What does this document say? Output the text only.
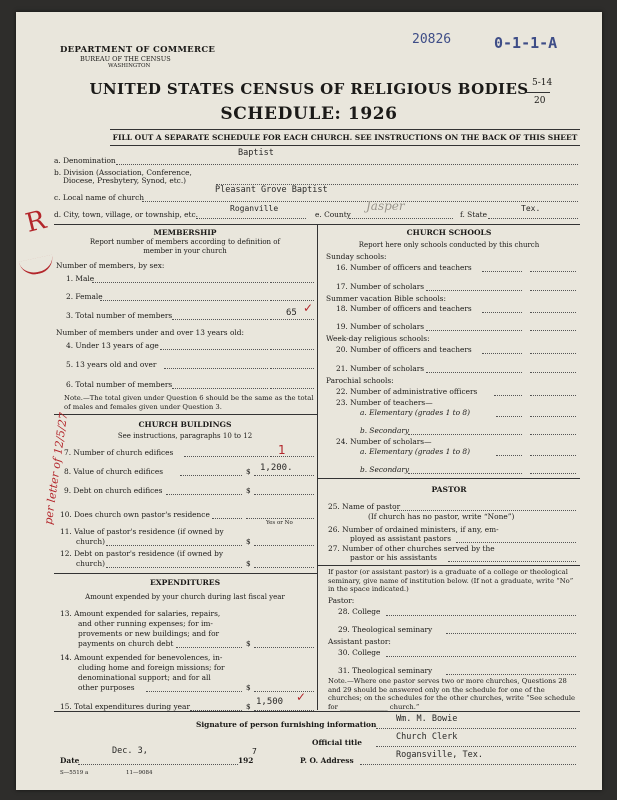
DEPARTMENT OF COMMERCE
BUREAU OF THE CENSUS
WASHINGTON
20826	0-1-1-A
UNITED STATES CENSUS OF RELIGIOUS BODIES
SCHEDULE: 1926
5-14
20
FILL OUT A SEPARATE SCHEDULE FOR EACH CHURCH. SEE INSTRUCTIONS ON THE BACK OF THIS SHEET
a. Denomination
Baptist
b. Division (Association, Conference,
Diocese, Presbytery, Synod, etc.)
c. Local name of church
Pleasant Grove Baptist
d. City, town, village, or township, etc.
Roganville
e. County
Jasper
f. State
Tex.
MEMBERSHIP
Report number of members according to definition of member in your church
Number of members, by sex:
1. Male
2. Female
3. Total number of members	65 ✓
Number of members under and over 13 years old:
4. Under 13 years of age
5. 13 years old and over
6. Total number of members
Note.—The total given under Question 6 should be the same as the total of males and females given under Question 3.
CHURCH BUILDINGS
See instructions, paragraphs 10 to 12
7. Number of church edifices	1
8. Value of church edifices	$ 1,200.
9. Debt on church edifices	$
10. Does church own pastor's residence
Yes or No
11. Value of pastor's residence (if owned by
church)	$
12. Debt on pastor's residence (if owned by
church)	$
EXPENDITURES
Amount expended by your church during last fiscal year
13. Amount expended for salaries, repairs,
and other running expenses; for im-
provements or new buildings; and for
payments on church debt	$
14. Amount expended for benevolences, in-
cluding home and foreign missions; for
denominational support; and for all
other purposes	$
15. Total expenditures during year	$ 1,500 ✓
CHURCH SCHOOLS
Report here only schools conducted by this church
Sunday schools:
16. Number of officers and teachers
17. Number of scholars
Summer vacation Bible schools:
18. Number of officers and teachers
19. Number of scholars
Week-day religious schools:
20. Number of officers and teachers
21. Number of scholars
Parochial schools:
22. Number of administrative officers
23. Number of teachers—
a. Elementary (grades 1 to 8)
b. Secondary
24. Number of scholars—
a. Elementary (grades 1 to 8)
b. Secondary
PASTOR
25. Name of pastor
(If church has no pastor, write “None”)
26. Number of ordained ministers, if any, em-
ployed as assistant pastors
27. Number of other churches served by the
pastor or his assistants
If pastor (or assistant pastor) is a graduate of a college or theological seminary, give name of institution below. (If not a graduate, write “No” in the space indicated.)
Pastor:
28. College
29. Theological seminary
Assistant pastor:
30. College
31. Theological seminary
Note.—Where one pastor serves two or more churches, Questions 28 and 29 should be answered only on the schedule for one of the churches; on the schedules for the other churches, write “See schedule for ______________ church.”
Signature of person furnishing information
Wm. M. Bowie
Official title
Church Clerk
Date
Dec. 3,
192
7
P. O. Address
Rogansville, Tex.
S—5519 a	11—9084
R
per letter of 12/5/27
